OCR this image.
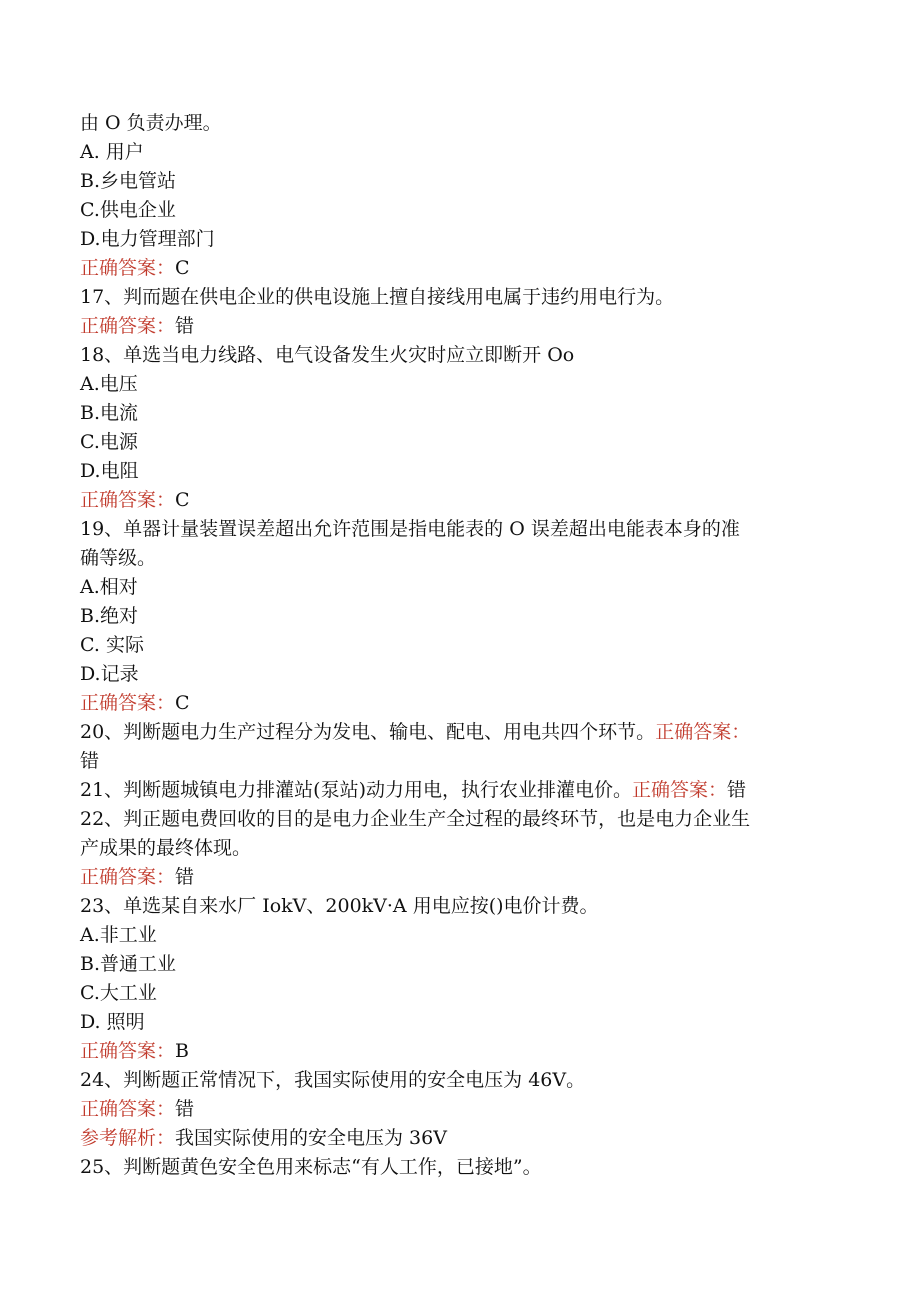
由 O 负责办理。
A. 用户
B.乡电管站
C.供电企业
D.电力管理部门
正确答案：C
17、判而题在供电企业的供电设施上擅自接线用电属于违约用电行为。
正确答案：错
18、单选当电力线路、电气设备发生火灾时应立即断开 Oo
A.电压
B.电流
C.电源
D.电阻
正确答案：C
19、单器计量装置误差超出允许范围是指电能表的 O 误差超出电能表本身的准
确等级。
A.相对
B.绝对
C. 实际
D.记录
正确答案：C
20、判断题电力生产过程分为发电、输电、配电、用电共四个环节。正确答案：
错
21、判断题城镇电力排灌站(泵站)动力用电，执行农业排灌电价。正确答案：错
22、判正题电费回收的目的是电力企业生产全过程的最终环节，也是电力企业生
产成果的最终体现。
正确答案：错
23、单选某自来水厂 IokV、200kV·A 用电应按()电价计费。
A.非工业
B.普通工业
C.大工业
D. 照明
正确答案：B
24、判断题正常情况下，我国实际使用的安全电压为 46V。
正确答案：错
参考解析：我国实际使用的安全电压为 36V
25、判断题黄色安全色用来标志“有人工作，已接地”。
